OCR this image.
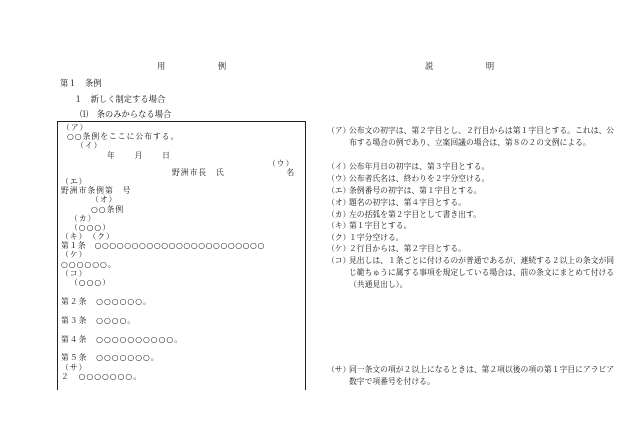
用　　例	説　　明
第１　条例
１　新しく制定する場合
⑴　条のみからなる場合
（ア）
○○条例をここに公布する。
（イ）
年　月　日
（ウ）
野洲市長　氏　　　　　　　名
（エ）
野洲市条例第　号
（オ）
○○条例
（カ）
（○○○）
（キ）　（ク）
第１条　○○○○○○○○○○○○○○○○○○○○○○○
（ケ）
○○○○○○。
（コ）
（○○○）
第２条　○○○○○○。
第３条　○○○○。
第４条　○○○○○○○○○○。
第５条　○○○○○○○。
（サ）
２　○○○○○○○。
（ア）
公布文の初字は、第２字目とし、２行目からは第１字目とする。これは、公布する場合の例であり、立案回議の場合は、第８の２の文例による。
（イ）
公布年月日の初字は、第３字目とする。
（ウ）
公布者氏名は、終わりを２字分空ける。
（エ）
条例番号の初字は、第１字目とする。
（オ）
題名の初字は、第４字目とする。
（カ）
左の括弧を第２字目として書き出す。
（キ）
第１字目とする。
（ク）
１字分空ける。
（ケ）
２行目からは、第２字目とする。
（コ）
見出しは、１条ごとに付けるのが普通であるが、連続する２以上の条文が同じ範ちゅうに属する事項を規定している場合は、前の条文にまとめて付ける（共通見出し）。
（サ）
同一条文の項が２以上になるときは、第２項以後の項の第１字目にアラビア数字で項番号を付ける。
